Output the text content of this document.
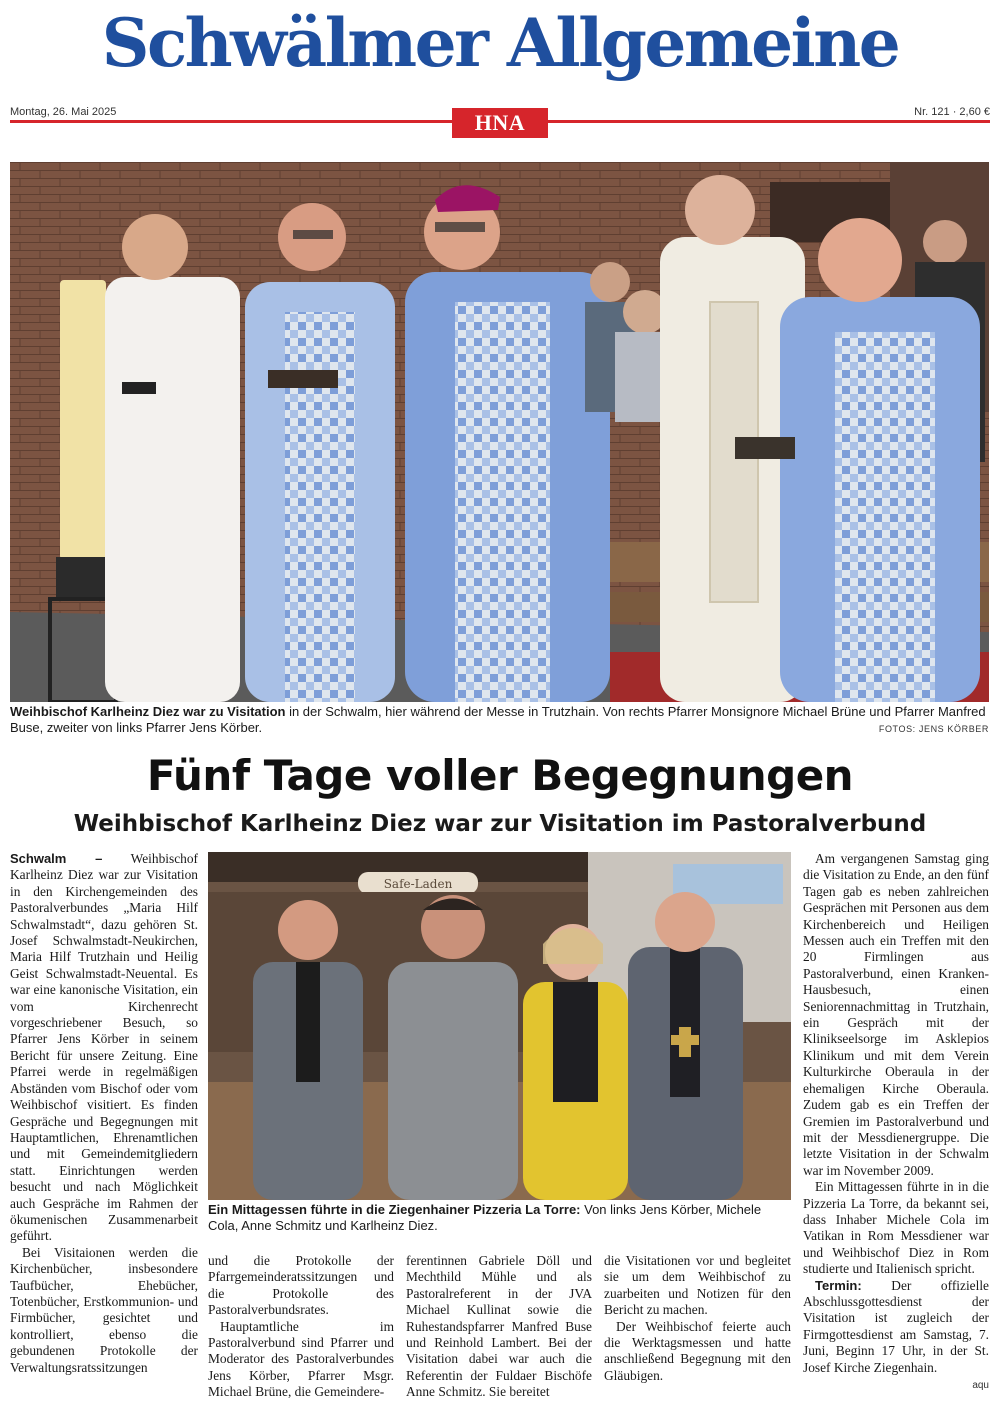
Schwälmer Allgemeine
Montag, 26. Mai 2025	Nr. 121 · 2,60 €
HNA
Weihbischof Karlheinz Diez war zu Visitation in der Schwalm, hier während der Messe in Trutzhain. Von rechts Pfarrer Monsignore Michael Brüne und Pfarrer Manfred Buse, zweiter von links Pfarrer Jens Körber.	FOTOS: JENS KÖRBER
Fünf Tage voller Begegnungen
Weihbischof Karlheinz Diez war zur Visitation im Pastoralverbund
Safe-Laden
Ein Mittagessen führte in die Ziegenhainer Pizzeria La Torre: Von links Jens Körber, Michele Cola, Anne Schmitz und Karlheinz Diez.

Schwalm – Weihbischof Karlheinz Diez war zur Visitation in den Kirchengemeinden des Pastoralverbundes „Maria Hilf Schwalmstadt“, dazu gehören St. Josef Schwalmstadt-Neukirchen, Maria Hilf Trutzhain und Heilig Geist Schwalmstadt-Neuental. Es war eine kanonische Visitation, ein vom Kirchenrecht vorgeschriebener Besuch, so Pfarrer Jens Körber in seinem Bericht für unsere Zeitung. Eine Pfarrei werde in regelmäßigen Abständen vom Bischof oder vom Weihbischof visitiert. Es finden Gespräche und Begegnungen mit Hauptamtlichen, Ehrenamtlichen und mit Gemeindemitgliedern statt. Einrichtungen werden besucht und nach Möglichkeit auch Gespräche im Rahmen der ökumenischen Zusammenarbeit geführt.

Bei Visitaionen werden die Kirchenbücher, insbesondere Taufbücher, Ehebücher, Totenbücher, Erstkommunion- und Firmbücher, gesichtet und kontrolliert, ebenso die gebundenen Protokolle der Verwaltungsratssitzungen

und die Protokolle der Pfarrgemeinderatssitzungen und die Protokolle des Pastoralverbundsrates.

Hauptamtliche im Pastoralverbund sind Pfarrer und Moderator des Pastoralverbundes Jens Körber, Pfarrer Msgr. Michael Brüne, die Gemeindere-

ferentinnen Gabriele Döll und Mechthild Mühle und als Pastoralreferent in der JVA Michael Kullinat sowie die Ruhestandspfarrer Manfred Buse und Reinhold Lambert. Bei der Visitation dabei war auch die Referentin der Fuldaer Bischöfe Anne Schmitz. Sie bereitet

die Visitationen vor und begleitet sie um dem Weihbischof zu zuarbeiten und Notizen für den Bericht zu machen.

Der Weihbischof feierte auch die Werktagsmessen und hatte anschließend Begegnung mit den Gläubigen.

Am vergangenen Samstag ging die Visitation zu Ende, an den fünf Tagen gab es neben zahlreichen Gesprächen mit Personen aus dem Kirchenbereich und Heiligen Messen auch ein Treffen mit den 20 Firmlingen aus Pastoralverbund, einen Kranken-Hausbesuch, einen Seniorennachmittag in Trutzhain, ein Gespräch mit der Klinikseelsorge im Asklepios Klinikum und mit dem Verein Kulturkirche Oberaula in der ehemaligen Kirche Oberaula. Zudem gab es ein Treffen der Gremien im Pastoralverbund und mit der Messdienergruppe. Die letzte Visitation in der Schwalm war im November 2009.

Ein Mittagessen führte in in die Pizzeria La Torre, da bekannt sei, dass Inhaber Michele Cola im Vatikan in Rom Messdiener war und Weihbischof Diez in Rom studierte und Italienisch spricht.

Termin: Der offizielle Abschlussgottesdienst der Visitation ist zugleich der Firmgottesdienst am Samstag, 7. Juni, Beginn 17 Uhr, in der St. Josef Kirche Ziegenhain.

aqu
